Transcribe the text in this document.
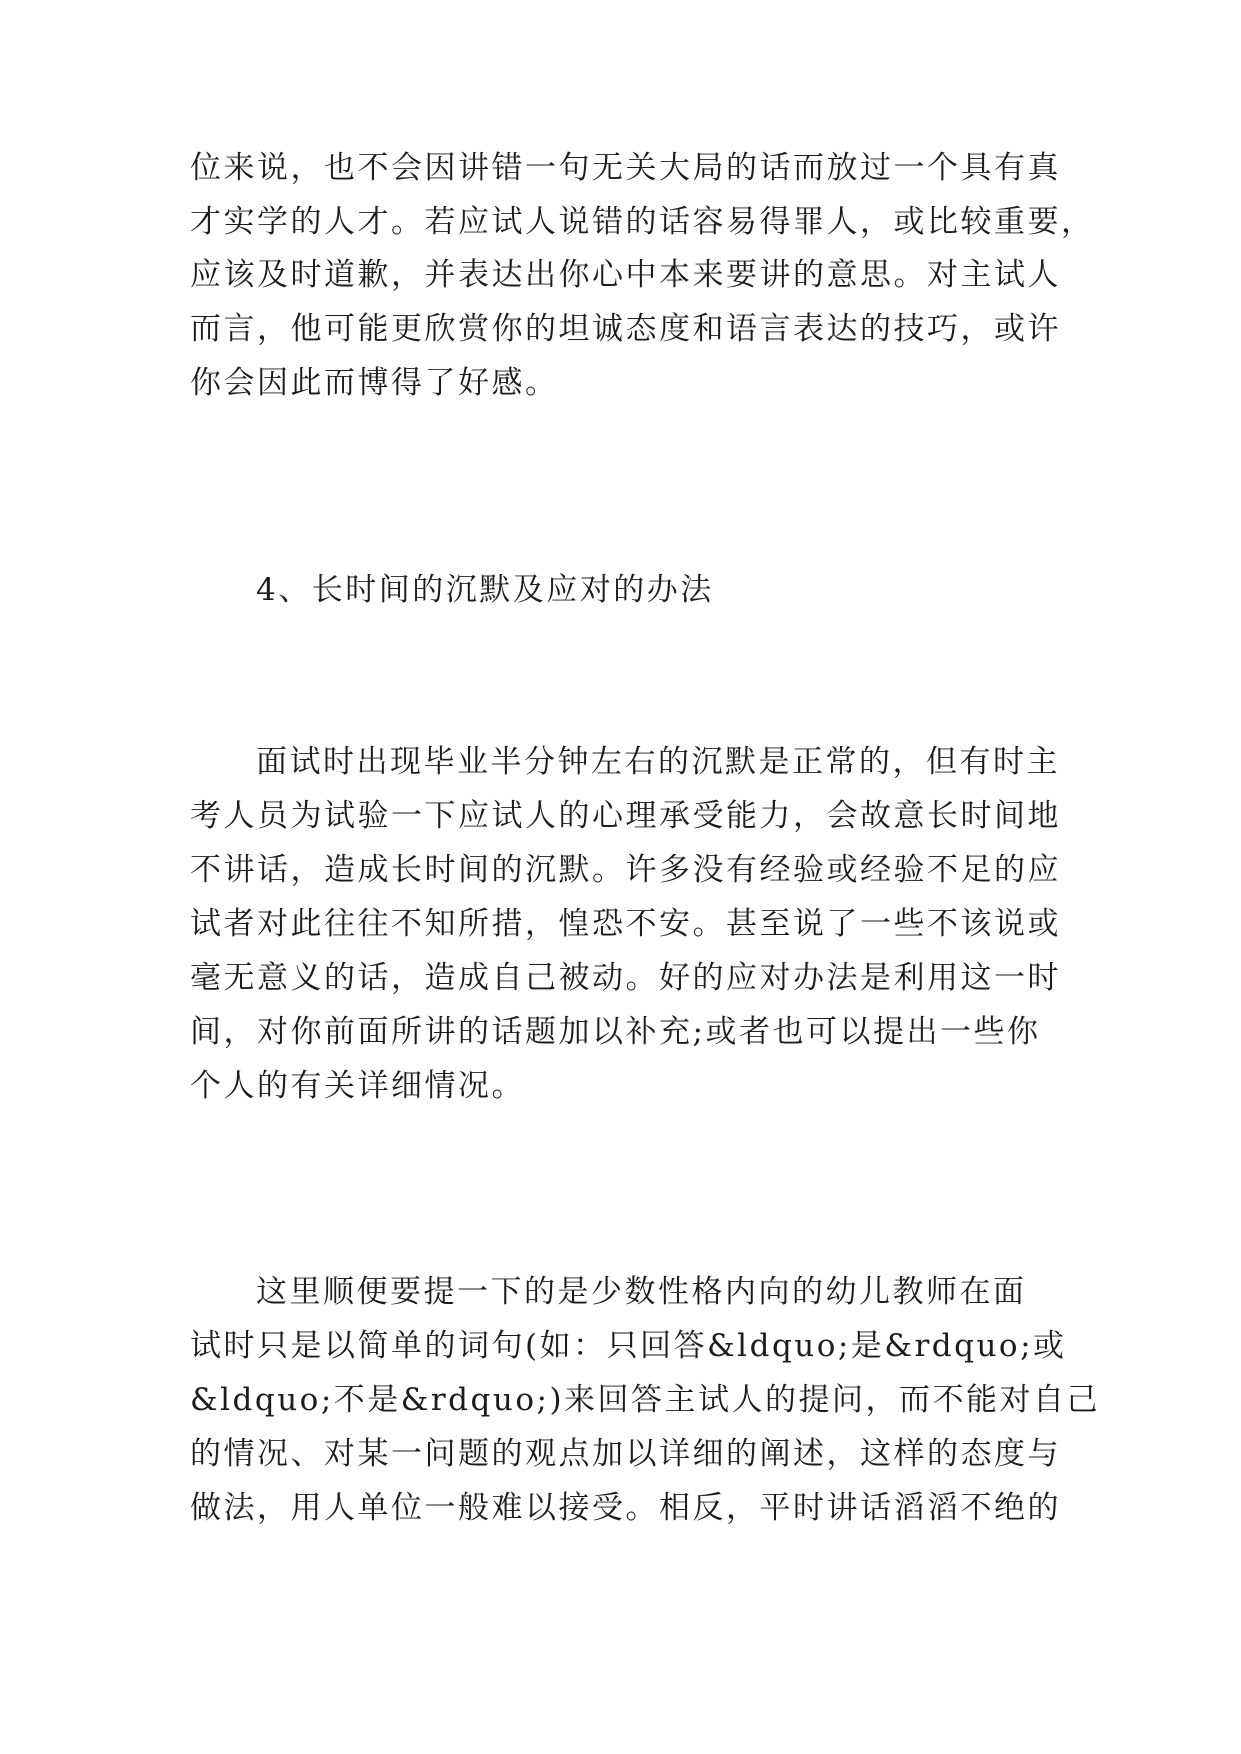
位来说，也不会因讲错一句无关大局的话而放过一个具有真
才实学的人才。若应试人说错的话容易得罪人，或比较重要，
应该及时道歉，并表达出你心中本来要讲的意思。对主试人
而言，他可能更欣赏你的坦诚态度和语言表达的技巧，或许
你会因此而博得了好感。
4、长时间的沉默及应对的办法
面试时出现毕业半分钟左右的沉默是正常的，但有时主
考人员为试验一下应试人的心理承受能力，会故意长时间地
不讲话，造成长时间的沉默。许多没有经验或经验不足的应
试者对此往往不知所措，惶恐不安。甚至说了一些不该说或
毫无意义的话，造成自己被动。好的应对办法是利用这一时
间，对你前面所讲的话题加以补充;或者也可以提出一些你
个人的有关详细情况。
这里顺便要提一下的是少数性格内向的幼儿教师在面
试时只是以简单的词句(如：只回答&ldquo;是&rdquo;或
&ldquo;不是&rdquo;)来回答主试人的提问，而不能对自己
的情况、对某一问题的观点加以详细的阐述，这样的态度与
做法，用人单位一般难以接受。相反，平时讲话滔滔不绝的
